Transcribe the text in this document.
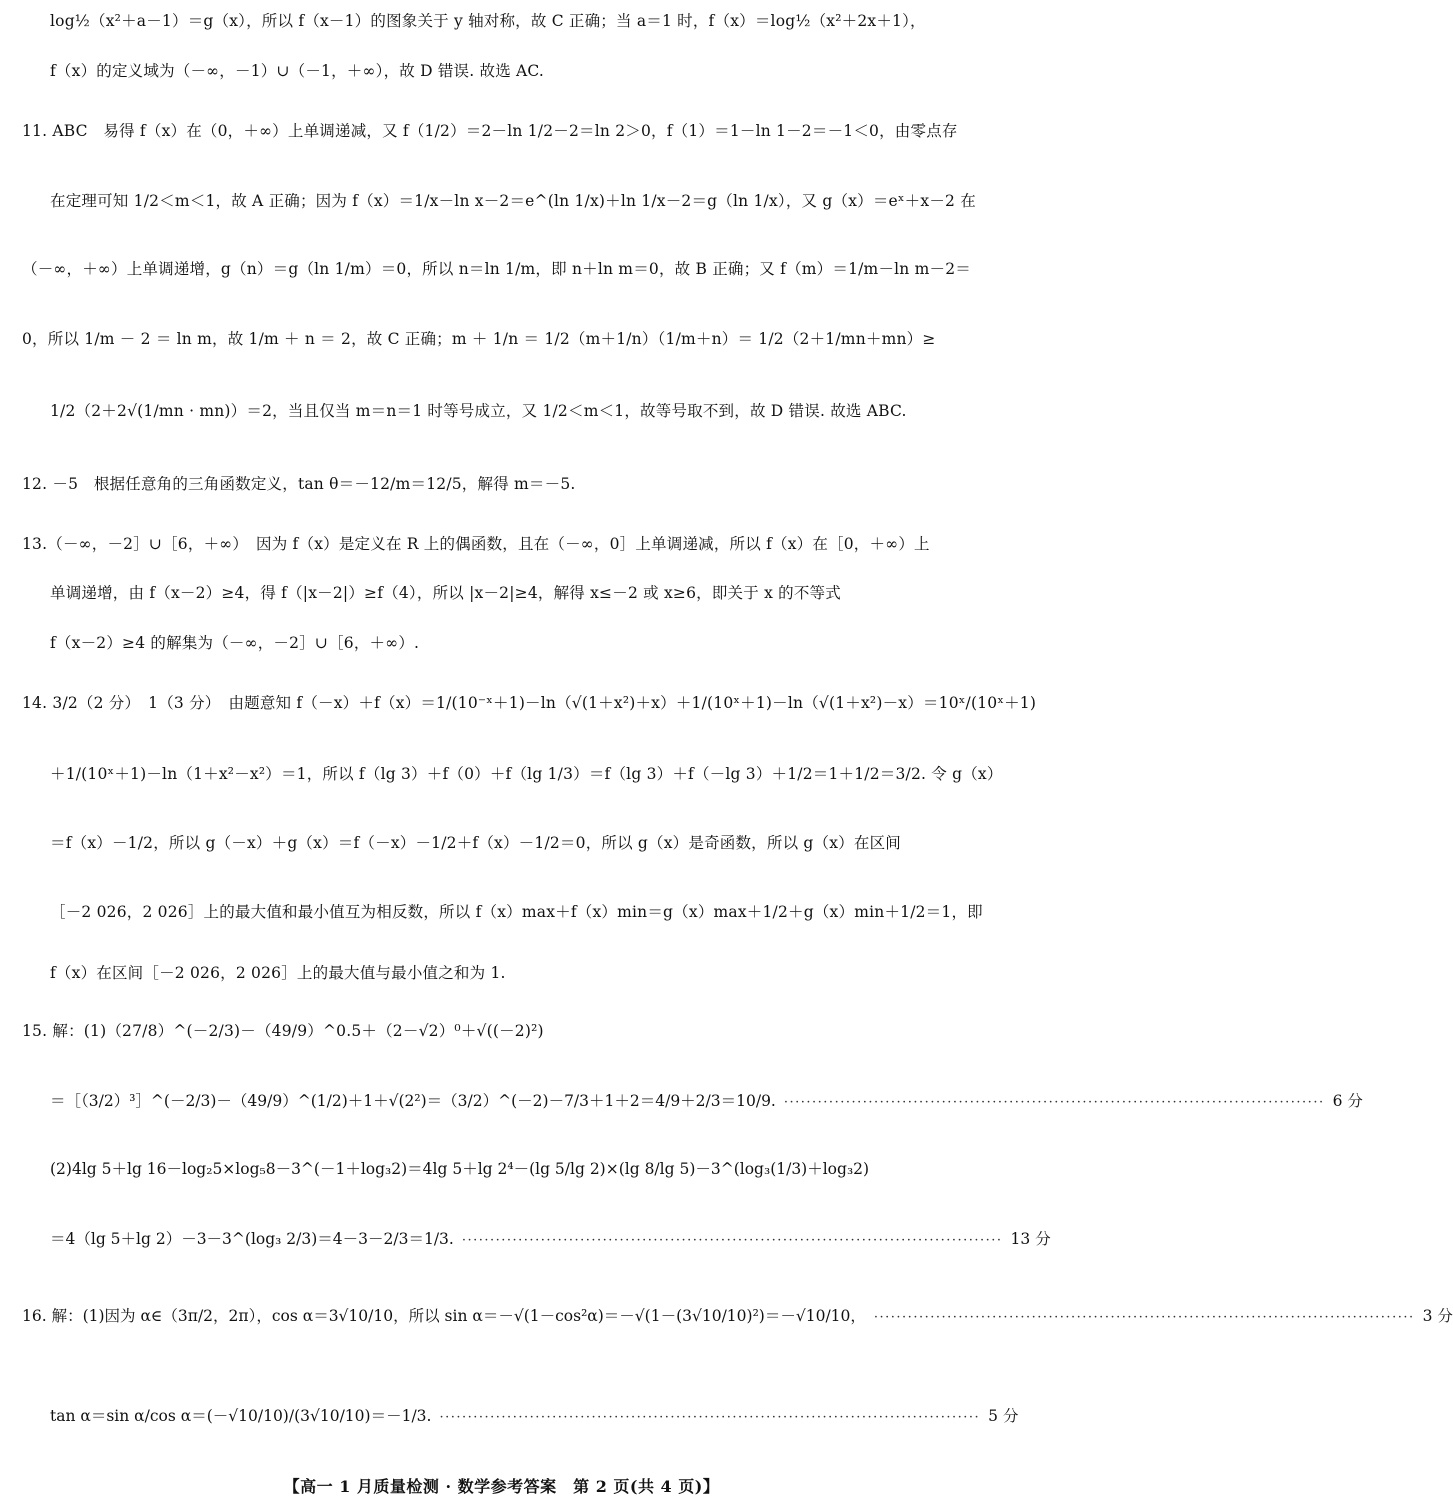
log½（x²＋a－1）＝g（x），所以 f（x－1）的图象关于 y 轴对称，故 C 正确；当 a＝1 时，f（x）＝log½（x²＋2x＋1），
f（x）的定义域为（－∞，－1）∪（－1，＋∞），故 D 错误. 故选 AC.
11. ABC　易得 f（x）在（0，＋∞）上单调递减，又 f（1/2）＝2－ln 1/2－2＝ln 2＞0，f（1）＝1－ln 1－2＝－1＜0，由零点存
在定理可知 1/2＜m＜1，故 A 正确；因为 f（x）＝1/x－ln x－2＝e^(ln 1/x)＋ln 1/x－2＝g（ln 1/x），又 g（x）＝eˣ＋x－2 在
（－∞，＋∞）上单调递增，g（n）＝g（ln 1/m）＝0，所以 n＝ln 1/m，即 n＋ln m＝0，故 B 正确；又 f（m）＝1/m－ln m－2＝
0，所以 1/m － 2 ＝ ln m，故 1/m ＋ n ＝ 2，故 C 正确；m ＋ 1/n ＝ 1/2（m＋1/n）（1/m＋n）＝ 1/2（2＋1/mn＋mn）≥
1/2（2＋2√(1/mn · mn)）＝2，当且仅当 m＝n＝1 时等号成立，又 1/2＜m＜1，故等号取不到，故 D 错误. 故选 ABC.
12. －5　根据任意角的三角函数定义，tan θ＝－12/m＝12/5，解得 m＝－5.
13.（－∞，－2］∪［6，＋∞）　因为 f（x）是定义在 R 上的偶函数，且在（－∞，0］上单调递减，所以 f（x）在［0，＋∞）上
单调递增，由 f（x－2）≥4，得 f（|x－2|）≥f（4），所以 |x－2|≥4，解得 x≤－2 或 x≥6，即关于 x 的不等式
f（x－2）≥4 的解集为（－∞，－2］∪［6，＋∞）.
14. 3/2（2 分）　1（3 分）　由题意知 f（－x）＋f（x）＝1/(10⁻ˣ＋1)－ln（√(1＋x²)＋x）＋1/(10ˣ＋1)－ln（√(1＋x²)－x）＝10ˣ/(10ˣ＋1)
＋1/(10ˣ＋1)－ln（1＋x²－x²）＝1，所以 f（lg 3）＋f（0）＋f（lg 1/3）＝f（lg 3）＋f（－lg 3）＋1/2＝1＋1/2＝3/2. 令 g（x）
＝f（x）－1/2，所以 g（－x）＋g（x）＝f（－x）－1/2＋f（x）－1/2＝0，所以 g（x）是奇函数，所以 g（x）在区间
［－2 026，2 026］上的最大值和最小值互为相反数，所以 f（x）max＋f（x）min＝g（x）max＋1/2＋g（x）min＋1/2＝1，即
f（x）在区间［－2 026，2 026］上的最大值与最小值之和为 1.
15. 解：(1)（27/8）^(－2/3)－（49/9）^0.5＋（2－√2）⁰＋√((－2)²)
＝［（3/2）³］^(－2/3)－（49/9）^(1/2)＋1＋√(2²)＝（3/2）^(－2)－7/3＋1＋2＝4/9＋2/3＝10/9. ································································································ 6 分
(2)4lg 5＋lg 16－log₂5×log₅8－3^(－1＋log₃2)＝4lg 5＋lg 2⁴－(lg 5/lg 2)×(lg 8/lg 5)－3^(log₃(1/3)＋log₃2)
＝4（lg 5＋lg 2）－3－3^(log₃ 2/3)＝4－3－2/3＝1/3. ································································································ 13 分
16. 解：(1)因为 α∈（3π/2，2π），cos α＝3√10/10，所以 sin α＝－√(1－cos²α)＝－√(1－(3√10/10)²)＝－√10/10， ································································································ 3 分
tan α＝sin α/cos α＝(－√10/10)/(3√10/10)＝－1/3. ································································································ 5 分
【高一 1 月质量检测 · 数学参考答案　第 2 页(共 4 页)】
